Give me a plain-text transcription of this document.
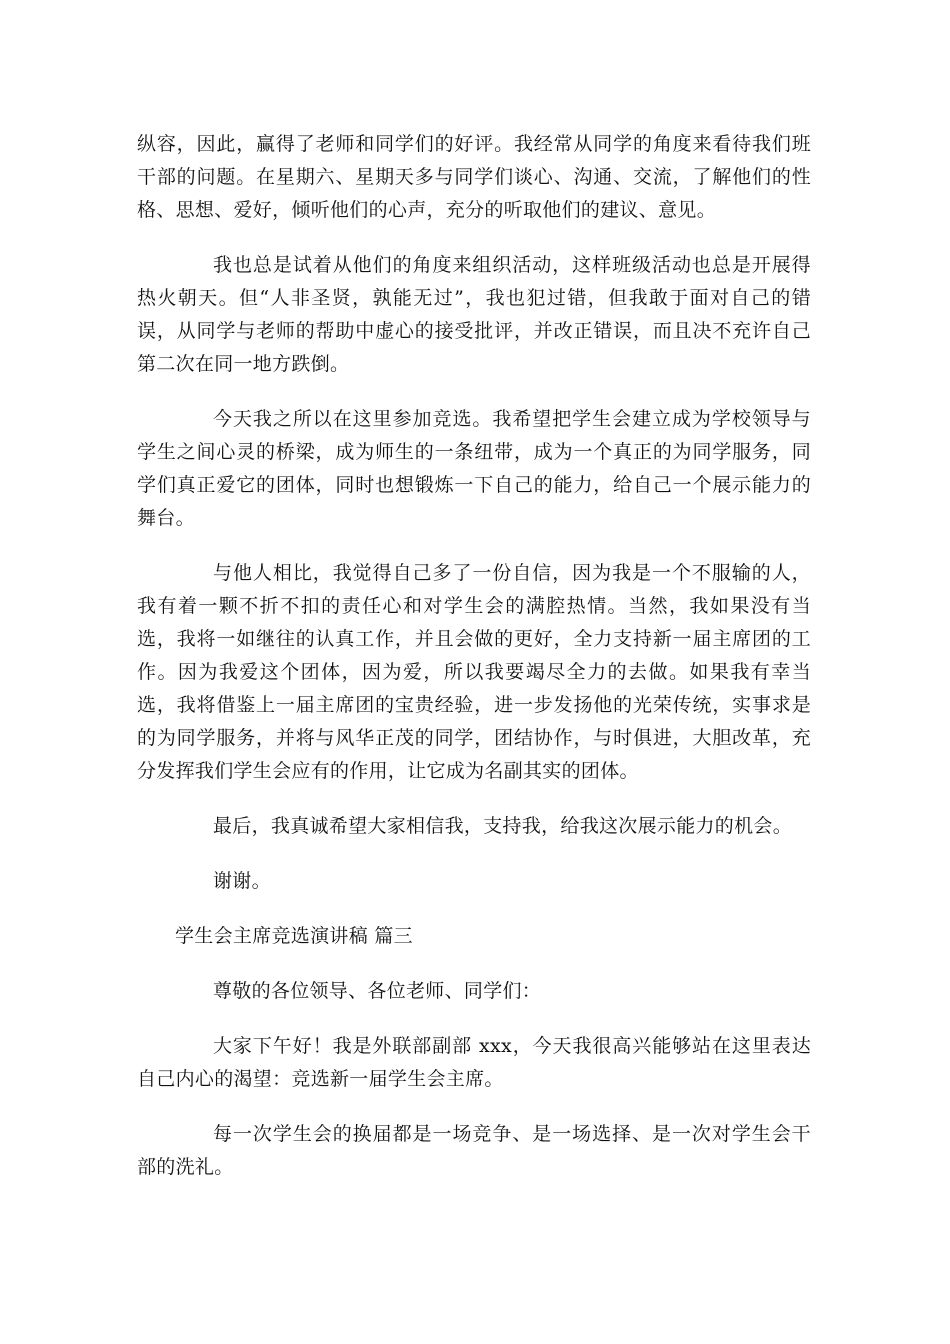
纵容，因此，赢得了老师和同学们的好评。我经常从同学的角度来看待我们班干部的问题。在星期六、星期天多与同学们谈心、沟通、交流，了解他们的性格、思想、爱好，倾听他们的心声，充分的听取他们的建议、意见。

我也总是试着从他们的角度来组织活动，这样班级活动也总是开展得热火朝天。但“人非圣贤，孰能无过”，我也犯过错，但我敢于面对自己的错误，从同学与老师的帮助中虚心的接受批评，并改正错误，而且决不充许自己第二次在同一地方跌倒。

今天我之所以在这里参加竞选。我希望把学生会建立成为学校领导与学生之间心灵的桥梁，成为师生的一条纽带，成为一个真正的为同学服务，同学们真正爱它的团体，同时也想锻炼一下自己的能力，给自己一个展示能力的舞台。

与他人相比，我觉得自己多了一份自信，因为我是一个不服输的人，我有着一颗不折不扣的责任心和对学生会的满腔热情。当然，我如果没有当选，我将一如继往的认真工作，并且会做的更好，全力支持新一届主席团的工作。因为我爱这个团体，因为爱，所以我要竭尽全力的去做。如果我有幸当选，我将借鉴上一届主席团的宝贵经验，进一步发扬他的光荣传统，实事求是的为同学服务，并将与风华正茂的同学，团结协作，与时俱进，大胆改革，充分发挥我们学生会应有的作用，让它成为名副其实的团体。

最后，我真诚希望大家相信我，支持我，给我这次展示能力的机会。

谢谢。

学生会主席竞选演讲稿 篇三

尊敬的各位领导、各位老师、同学们：

大家下午好！我是外联部副部 xxx，今天我很高兴能够站在这里表达自己内心的渴望：竞选新一届学生会主席。

每一次学生会的换届都是一场竞争、是一场选择、是一次对学生会干部的洗礼。
